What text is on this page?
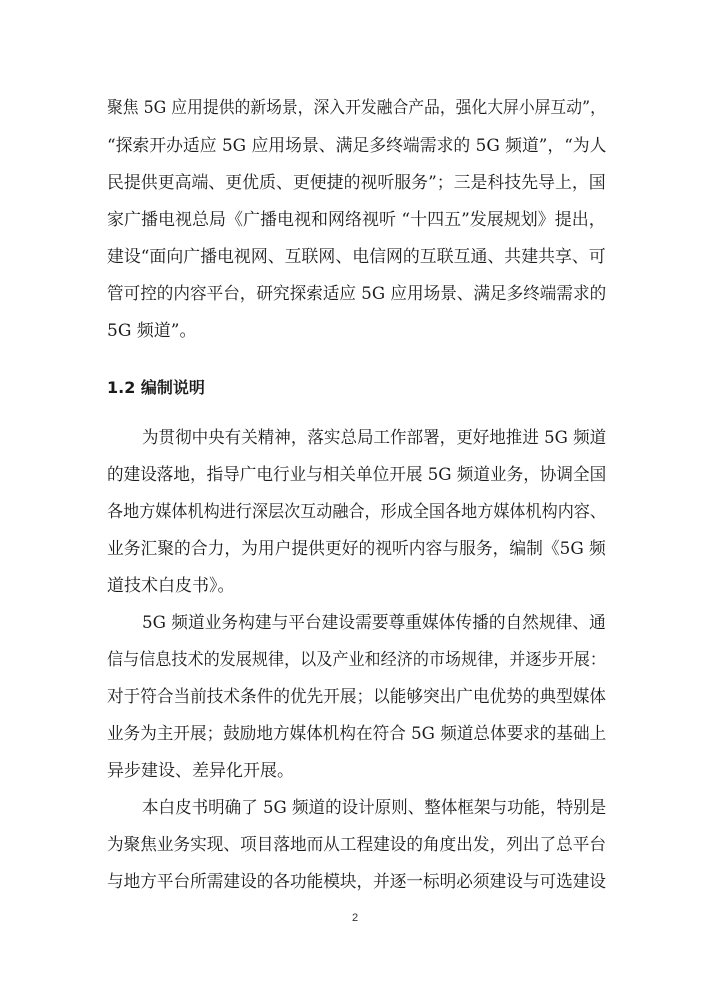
聚焦 5G 应用提供的新场景，深入开发融合产品，强化大屏小屏互动”，
“探索开办适应 5G 应用场景、满足多终端需求的 5G 频道”，“为人
民提供更高端、更优质、更便捷的视听服务”；三是科技先导上，国
家广播电视总局《广播电视和网络视听 “十四五”发展规划》提出，
建设“面向广播电视网、互联网、电信网的互联互通、共建共享、可
管可控的内容平台，研究探索适应 5G 应用场景、满足多终端需求的
5G 频道”。
1.2 编制说明
为贯彻中央有关精神，落实总局工作部署，更好地推进 5G 频道
的建设落地，指导广电行业与相关单位开展 5G 频道业务，协调全国
各地方媒体机构进行深层次互动融合，形成全国各地方媒体机构内容、
业务汇聚的合力，为用户提供更好的视听内容与服务，编制《5G 频
道技术白皮书》。
5G 频道业务构建与平台建设需要尊重媒体传播的自然规律、通
信与信息技术的发展规律，以及产业和经济的市场规律，并逐步开展：
对于符合当前技术条件的优先开展；以能够突出广电优势的典型媒体
业务为主开展；鼓励地方媒体机构在符合 5G 频道总体要求的基础上
异步建设、差异化开展。
本白皮书明确了 5G 频道的设计原则、整体框架与功能，特别是
为聚焦业务实现、项目落地而从工程建设的角度出发，列出了总平台
与地方平台所需建设的各功能模块，并逐一标明必须建设与可选建设
2
